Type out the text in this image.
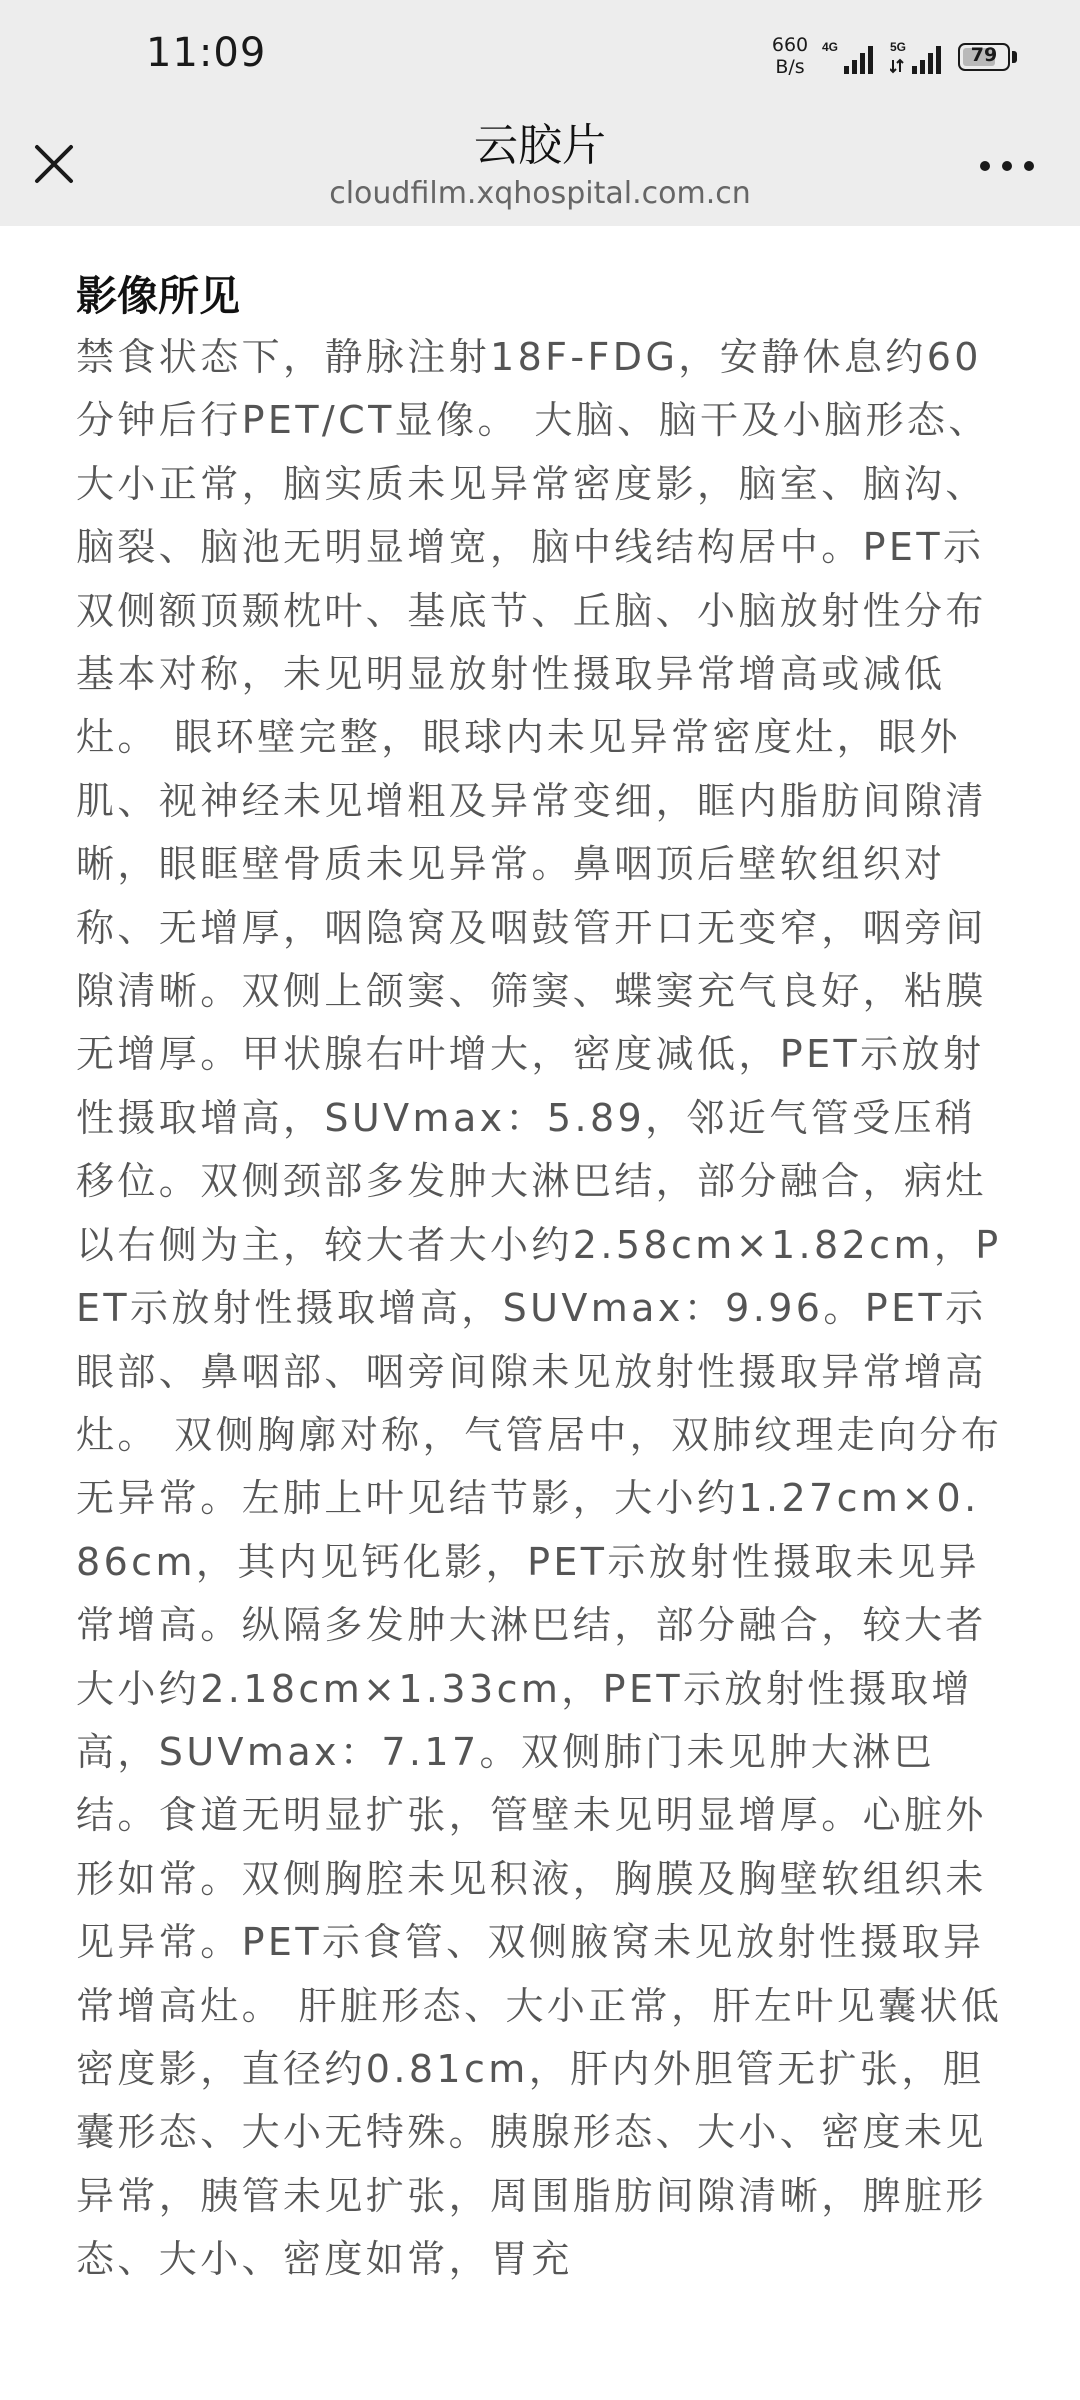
11:09	660
B/s
4G	5G	79
云胶片
cloudfilm.xqhospital.com.cn
影像所见

禁食状态下，静脉注射18F-FDG，安静休息约60分钟后行PET/CT显像。 大脑、脑干及小脑形态、大小正常，脑实质未见异常密度影，脑室、脑沟、脑裂、脑池无明显增宽，脑中线结构居中。PET示双侧额顶颞枕叶、基底节、丘脑、小脑放射性分布基本对称，未见明显放射性摄取异常增高或减低灶。 眼环壁完整，眼球内未见异常密度灶，眼外肌、视神经未见增粗及异常变细，眶内脂肪间隙清晰，眼眶壁骨质未见异常。鼻咽顶后壁软组织对称、无增厚，咽隐窝及咽鼓管开口无变窄，咽旁间隙清晰。双侧上颌窦、筛窦、蝶窦充气良好，粘膜无增厚。甲状腺右叶增大，密度减低，PET示放射性摄取增高，SUVmax：5.89，邻近气管受压稍移位。双侧颈部多发肿大淋巴结，部分融合，病灶以右侧为主，较大者大小约2.58cm×1.82cm，PET示放射性摄取增高，SUVmax：9.96。PET示眼部、鼻咽部、咽旁间隙未见放射性摄取异常增高灶。 双侧胸廓对称，气管居中，双肺纹理走向分布无异常。左肺上叶见结节影，大小约1.27cm×0.86cm，其内见钙化影，PET示放射性摄取未见异常增高。纵隔多发肿大淋巴结，部分融合，较大者大小约2.18cm×1.33cm，PET示放射性摄取增高，SUVmax：7.17。双侧肺门未见肿大淋巴结。食道无明显扩张，管壁未见明显增厚。心脏外形如常。双侧胸腔未见积液，胸膜及胸壁软组织未见异常。PET示食管、双侧腋窝未见放射性摄取异常增高灶。 肝脏形态、大小正常，肝左叶见囊状低密度影，直径约0.81cm，肝内外胆管无扩张，胆囊形态、大小无特殊。胰腺形态、大小、密度未见异常，胰管未见扩张，周围脂肪间隙清晰，脾脏形态、大小、密度如常，胃充
